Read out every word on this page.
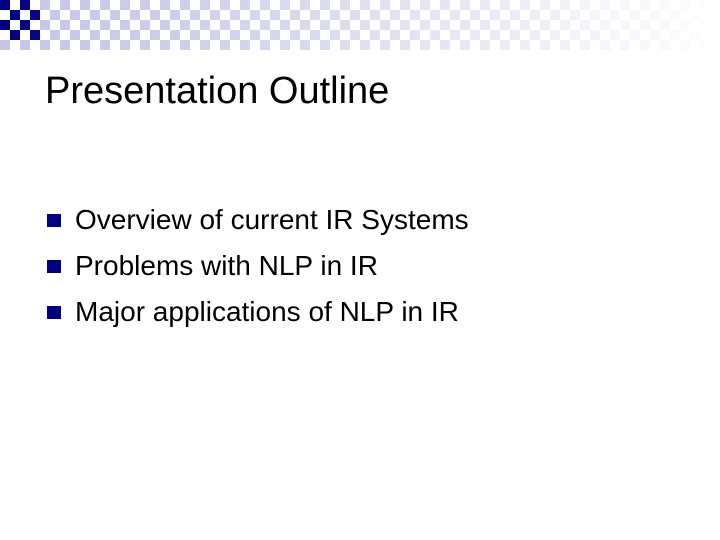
Presentation Outline
Overview of current IR Systems
Problems with NLP in IR
Major applications of NLP in IR
